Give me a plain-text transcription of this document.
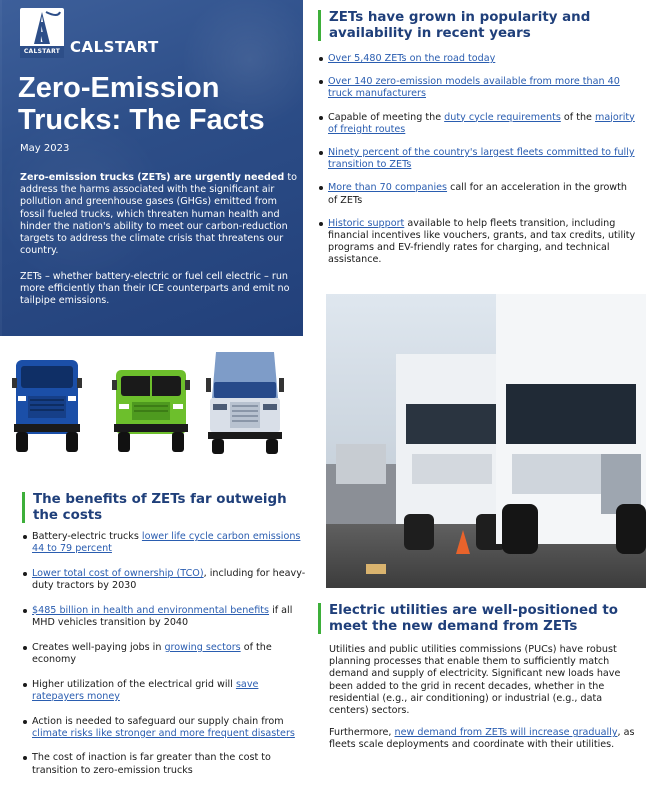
CALSTART CALSTART
Zero-Emission Trucks: The Facts
May 2023
Zero-emission trucks (ZETs) are urgently needed to address the harms associated with the significant air pollution and greenhouse gases (GHGs) emitted from fossil fueled trucks, which threaten human health and hinder the nation's ability to meet our carbon-reduction targets to address the climate crisis that threatens our country.
ZETs – whether battery-electric or fuel cell electric – run more efficiently than their ICE counterparts and emit no tailpipe emissions.
The benefits of ZETs far outweigh the costs
Battery-electric trucks lower life cycle carbon emissions 44 to 79 percent
Lower total cost of ownership (TCO), including for heavy-duty tractors by 2030
$485 billion in health and environmental benefits if all MHD vehicles transition by 2040
Creates well-paying jobs in growing sectors of the economy
Higher utilization of the electrical grid will save ratepayers money
Action is needed to safeguard our supply chain from climate risks like stronger and more frequent disasters
The cost of inaction is far greater than the cost to transition to zero-emission trucks
ZETs have grown in popularity and availability in recent years
Over 5,480 ZETs on the road today
Over 140 zero-emission models available from more than 40 truck manufacturers
Capable of meeting the duty cycle requirements of the majority of freight routes
Ninety percent of the country's largest fleets committed to fully transition to ZETs
More than 70 companies call for an acceleration in the growth of ZETs
Historic support available to help fleets transition, including financial incentives like vouchers, grants, and tax credits, utility programs and EV-friendly rates for charging, and technical assistance.
Electric utilities are well-positioned to meet the new demand from ZETs

Utilities and public utilities commissions (PUCs) have robust planning processes that enable them to sufficiently match demand and supply of electricity. Significant new loads have been added to the grid in recent decades, whether in the residential (e.g., air conditioning) or industrial (e.g., data centers) sectors.

Furthermore, new demand from ZETs will increase gradually, as fleets scale deployments and coordinate with their utilities.
